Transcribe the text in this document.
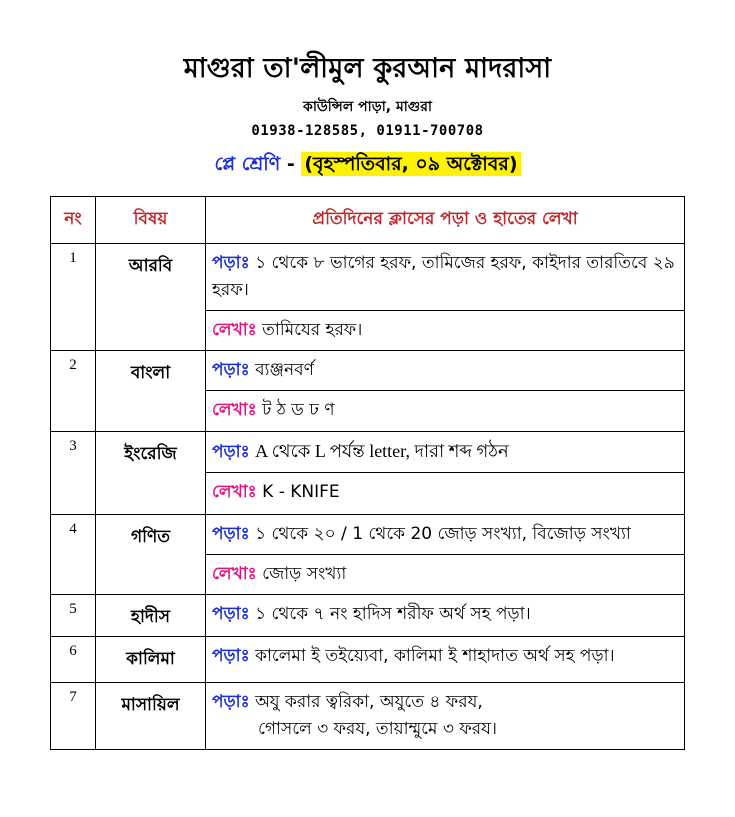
মাগুরা তা'লীমুল কুরআন মাদরাসা
কাউন্সিল পাড়া, মাগুরা
01938-128585, 01911-700708
প্লে শ্রেণি - (বৃহস্পতিবার, ০৯ অক্টোবর)
নং	বিষয়	প্রতিদিনের ক্লাসের পড়া ও হাতের লেখা
1	আরবি	পড়াঃ ১ থেকে ৮ ভাগের হরফ, তামিজের হরফ, কাইদার তারতিবে ২৯ হরফ।
		লেখাঃ তামিযের হরফ।
2	বাংলা	পড়াঃ ব্যঞ্জনবর্ণ
		লেখাঃ ট ঠ ড ঢ ণ
3	ইংরেজি	পড়াঃ A থেকে L পর্যন্ত letter, দারা শব্দ গঠন
		লেখাঃ K - KNIFE
4	গণিত	পড়াঃ ১ থেকে ২০ / 1 থেকে 20 জোড় সংখ্যা, বিজোড় সংখ্যা
		লেখাঃ জোড় সংখ্যা
5	হাদীস	পড়াঃ ১ থেকে ৭ নং হাদিস শরীফ অর্থ সহ পড়া।
6	কালিমা	পড়াঃ কালেমা ই তইয়্যেবা, কালিমা ই শাহাদাত অর্থ সহ পড়া।
7	মাসায়িল	পড়াঃ অযু করার ত্বরিকা, অযুতে ৪ ফরয,
গোসলে ৩ ফরয, তায়াম্মুমে ৩ ফরয।
